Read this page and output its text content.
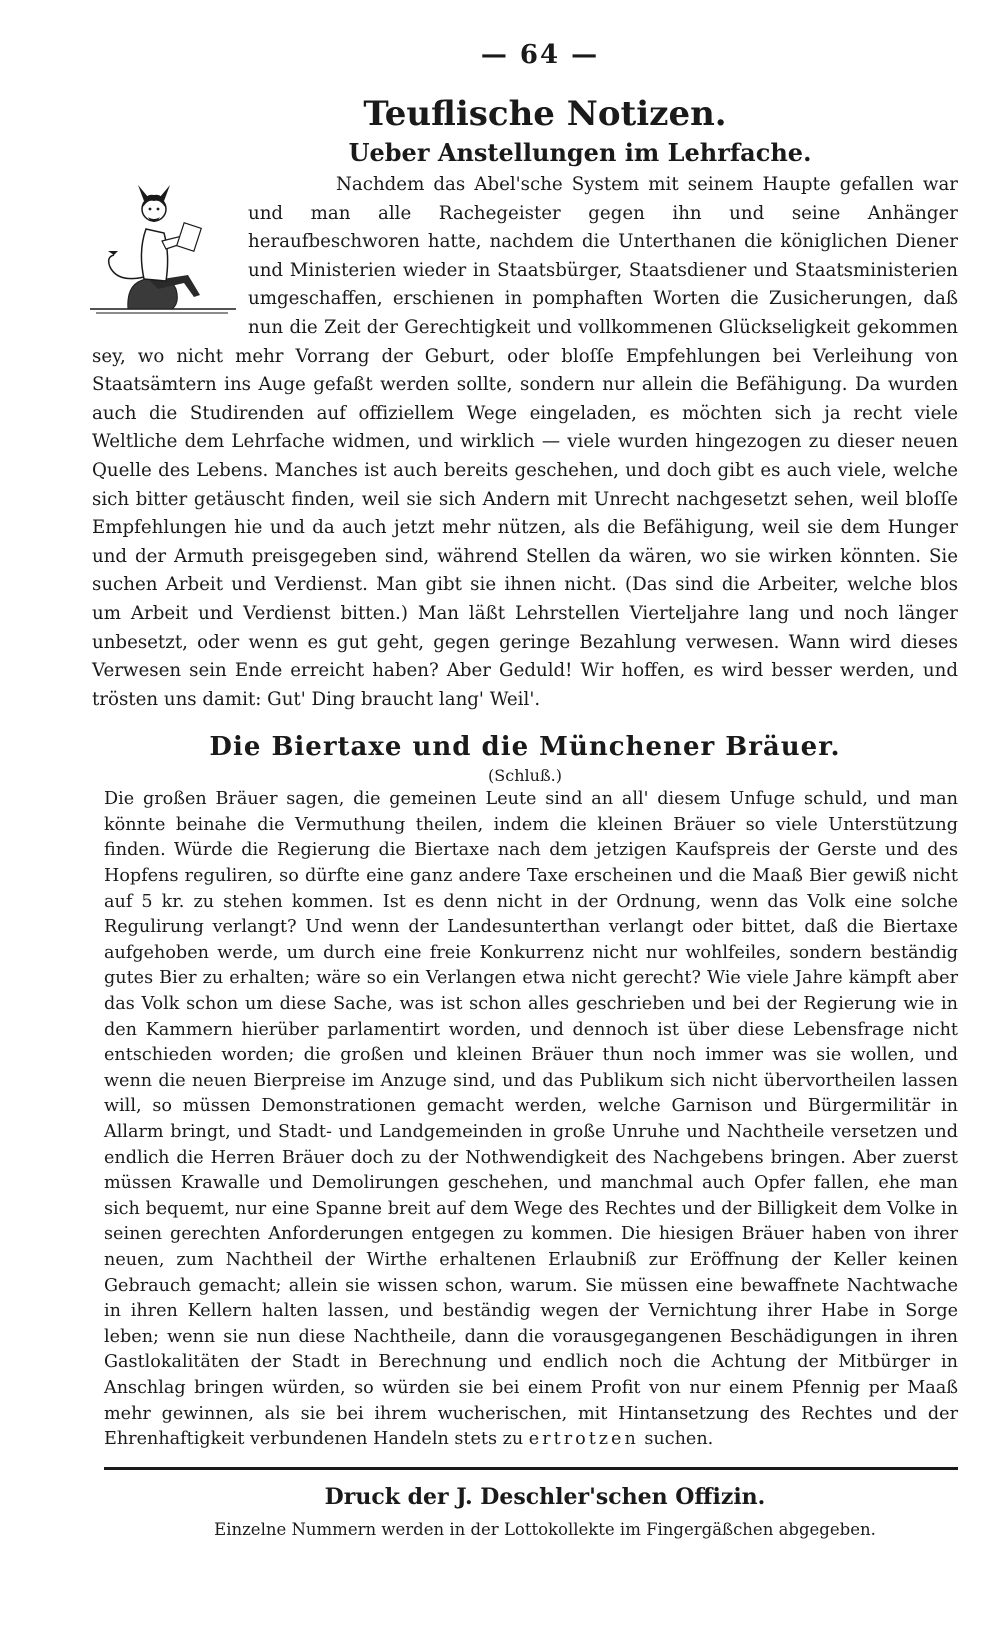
— 64 —
Teuflische Notizen.
Ueber Anstellungen im Lehrfache.

Nachdem das Abel'sche System mit seinem Haupte gefallen war und man alle Rachegeister gegen ihn und seine Anhänger heraufbeschworen hatte, nachdem die Unterthanen die königlichen Diener und Ministerien wieder in Staatsbürger, Staatsdiener und Staatsministerien umgeschaffen, erschienen in pomphaften Worten die Zusicherungen, daß nun die Zeit der Gerechtigkeit und vollkommenen Glückseligkeit gekommen sey, wo nicht mehr Vorrang der Geburt, oder bloſſe Empfehlungen bei Verleihung von Staatsämtern ins Auge gefaßt werden sollte, sondern nur allein die Befähigung. Da wurden auch die Studirenden auf offiziellem Wege eingeladen, es möchten sich ja recht viele Weltliche dem Lehrfache widmen, und wirklich — viele wurden hingezogen zu dieser neuen Quelle des Lebens. Manches ist auch bereits geschehen, und doch gibt es auch viele, welche sich bitter getäuscht finden, weil sie sich Andern mit Unrecht nachgesetzt sehen, weil bloſſe Empfehlungen hie und da auch jetzt mehr nützen, als die Befähigung, weil sie dem Hunger und der Armuth preisgegeben sind, während Stellen da wären, wo sie wirken könnten. Sie suchen Arbeit und Verdienst. Man gibt sie ihnen nicht. (Das sind die Arbeiter, welche blos um Arbeit und Verdienst bitten.) Man läßt Lehrstellen Vierteljahre lang und noch länger unbesetzt, oder wenn es gut geht, gegen geringe Bezahlung verwesen. Wann wird dieses Verwesen sein Ende erreicht haben? Aber Geduld! Wir hoffen, es wird besser werden, und trösten uns damit: Gut' Ding braucht lang' Weil'.

Die Biertaxe und die Münchener Bräuer.
(Schluß.)

Die großen Bräuer sagen, die gemeinen Leute sind an all' diesem Unfuge schuld, und man könnte beinahe die Vermuthung theilen, indem die kleinen Bräuer so viele Unterstützung finden. Würde die Regierung die Biertaxe nach dem jetzigen Kaufspreis der Gerste und des Hopfens reguliren, so dürfte eine ganz andere Taxe erscheinen und die Maaß Bier gewiß nicht auf 5 kr. zu stehen kommen. Ist es denn nicht in der Ordnung, wenn das Volk eine solche Regulirung verlangt? Und wenn der Landesunterthan verlangt oder bittet, daß die Biertaxe aufgehoben werde, um durch eine freie Konkurrenz nicht nur wohlfeiles, sondern beständig gutes Bier zu erhalten; wäre so ein Verlangen etwa nicht gerecht? Wie viele Jahre kämpft aber das Volk schon um diese Sache, was ist schon alles geschrieben und bei der Regierung wie in den Kammern hierüber parlamentirt worden, und dennoch ist über diese Lebensfrage nicht entschieden worden; die großen und kleinen Bräuer thun noch immer was sie wollen, und wenn die neuen Bierpreise im Anzuge sind, und das Publikum sich nicht übervortheilen lassen will, so müssen Demonstrationen gemacht werden, welche Garnison und Bürgermilitär in Allarm bringt, und Stadt- und Landgemeinden in große Unruhe und Nachtheile versetzen und endlich die Herren Bräuer doch zu der Nothwendigkeit des Nachgebens bringen. Aber zuerst müssen Krawalle und Demolirungen geschehen, und manchmal auch Opfer fallen, ehe man sich bequemt, nur eine Spanne breit auf dem Wege des Rechtes und der Billigkeit dem Volke in seinen gerechten Anforderungen entgegen zu kommen. Die hiesigen Bräuer haben von ihrer neuen, zum Nachtheil der Wirthe erhaltenen Erlaubniß zur Eröffnung der Keller keinen Gebrauch gemacht; allein sie wissen schon, warum. Sie müssen eine bewaffnete Nachtwache in ihren Kellern halten lassen, und beständig wegen der Vernichtung ihrer Habe in Sorge leben; wenn sie nun diese Nachtheile, dann die vorausgegangenen Beschädigungen in ihren Gastlokalitäten der Stadt in Berechnung und endlich noch die Achtung der Mitbürger in Anschlag bringen würden, so würden sie bei einem Profit von nur einem Pfennig per Maaß mehr gewinnen, als sie bei ihrem wucherischen, mit Hintansetzung des Rechtes und der Ehrenhaftigkeit verbundenen Handeln stets zu ertrotzen suchen.

Druck der J. Deschler'schen Offizin.
Einzelne Nummern werden in der Lottokollekte im Fingergäßchen abgegeben.
